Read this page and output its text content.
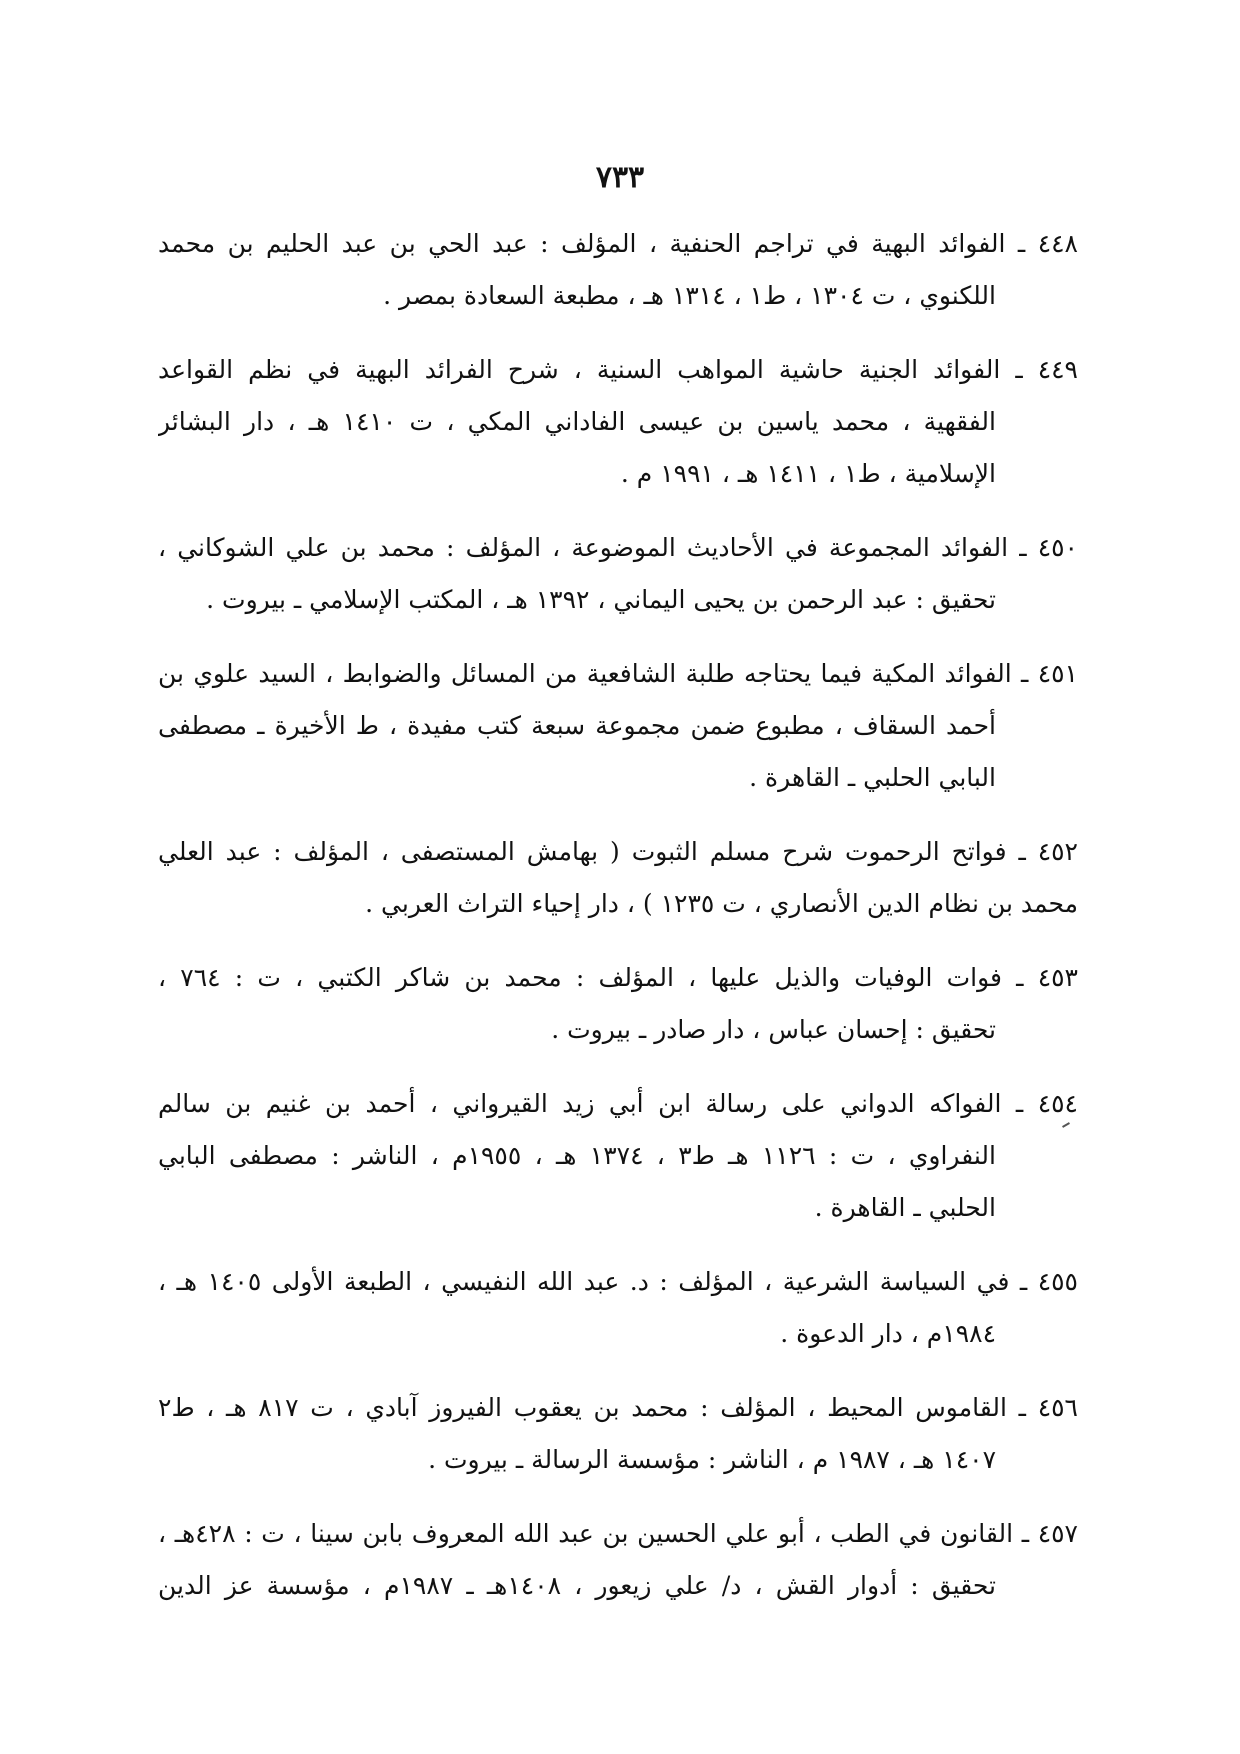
٧٣٣
٤٤٨ ـ الفوائد البهية في تراجم الحنفية ، المؤلف : عبد الحي بن عبد الحليم بن محمد
اللكنوي ، ت ١٣٠٤ ، ط١ ، ١٣١٤ هـ ، مطبعة السعادة بمصر .
٤٤٩ ـ الفوائد الجنية حاشية المواهب السنية ، شرح الفرائد البهية في نظم القواعد
الفقهية ، محمد ياسين بن عيسى الفاداني المكي ، ت ١٤١٠ هـ ، دار البشائر
الإسلامية ، ط١ ، ١٤١١ هـ ، ١٩٩١ م .
٤٥٠ ـ الفوائد المجموعة في الأحاديث الموضوعة ، المؤلف : محمد بن علي الشوكاني ،
تحقيق : عبد الرحمن بن يحيى اليماني ، ١٣٩٢ هـ ، المكتب الإسلامي ـ بيروت .
٤٥١ ـ الفوائد المكية فيما يحتاجه طلبة الشافعية من المسائل والضوابط ، السيد علوي بن
أحمد السقاف ، مطبوع ضمن مجموعة سبعة كتب مفيدة ، ط الأخيرة ـ مصطفى
البابي الحلبي ـ القاهرة .
٤٥٢ ـ فواتح الرحموت شرح مسلم الثبوت ( بهامش المستصفى ، المؤلف : عبد العلي
محمد بن نظام الدين الأنصاري ، ت ١٢٣٥ ) ، دار إحياء التراث العربي .
٤٥٣ ـ فوات الوفيات والذيل عليها ، المؤلف : محمد بن شاكر الكتبي ، ت : ٧٦٤ ،
تحقيق : إحسان عباس ، دار صادر ـ بيروت .
٤٥٤ ـ الفواكه الدواني على رسالة ابن أبي زيد القيرواني ، أحمد بن غنيم بن سالم
النفراوي ، ت : ١١٢٦ هـ ط٣ ، ١٣٧٤ هـ ، ١٩٥٥م ، الناشر : مصطفى البابي
الحلبي ـ القاهرة .
٤٥٥ ـ في السياسة الشرعية ، المؤلف : د. عبد الله النفيسي ، الطبعة الأولى ١٤٠٥ هـ ،
١٩٨٤م ، دار الدعوة .
٤٥٦ ـ القاموس المحيط ، المؤلف : محمد بن يعقوب الفيروز آبادي ، ت ٨١٧ هـ ، ط٢
١٤٠٧ هـ ، ١٩٨٧ م ، الناشر : مؤسسة الرسالة ـ بيروت .
٤٥٧ ـ القانون في الطب ، أبو علي الحسين بن عبد الله المعروف بابن سينا ، ت : ٤٢٨هـ ،
تحقيق : أدوار القش ، د/ علي زيعور ، ١٤٠٨هـ ـ ١٩٨٧م ، مؤسسة عز الدين
